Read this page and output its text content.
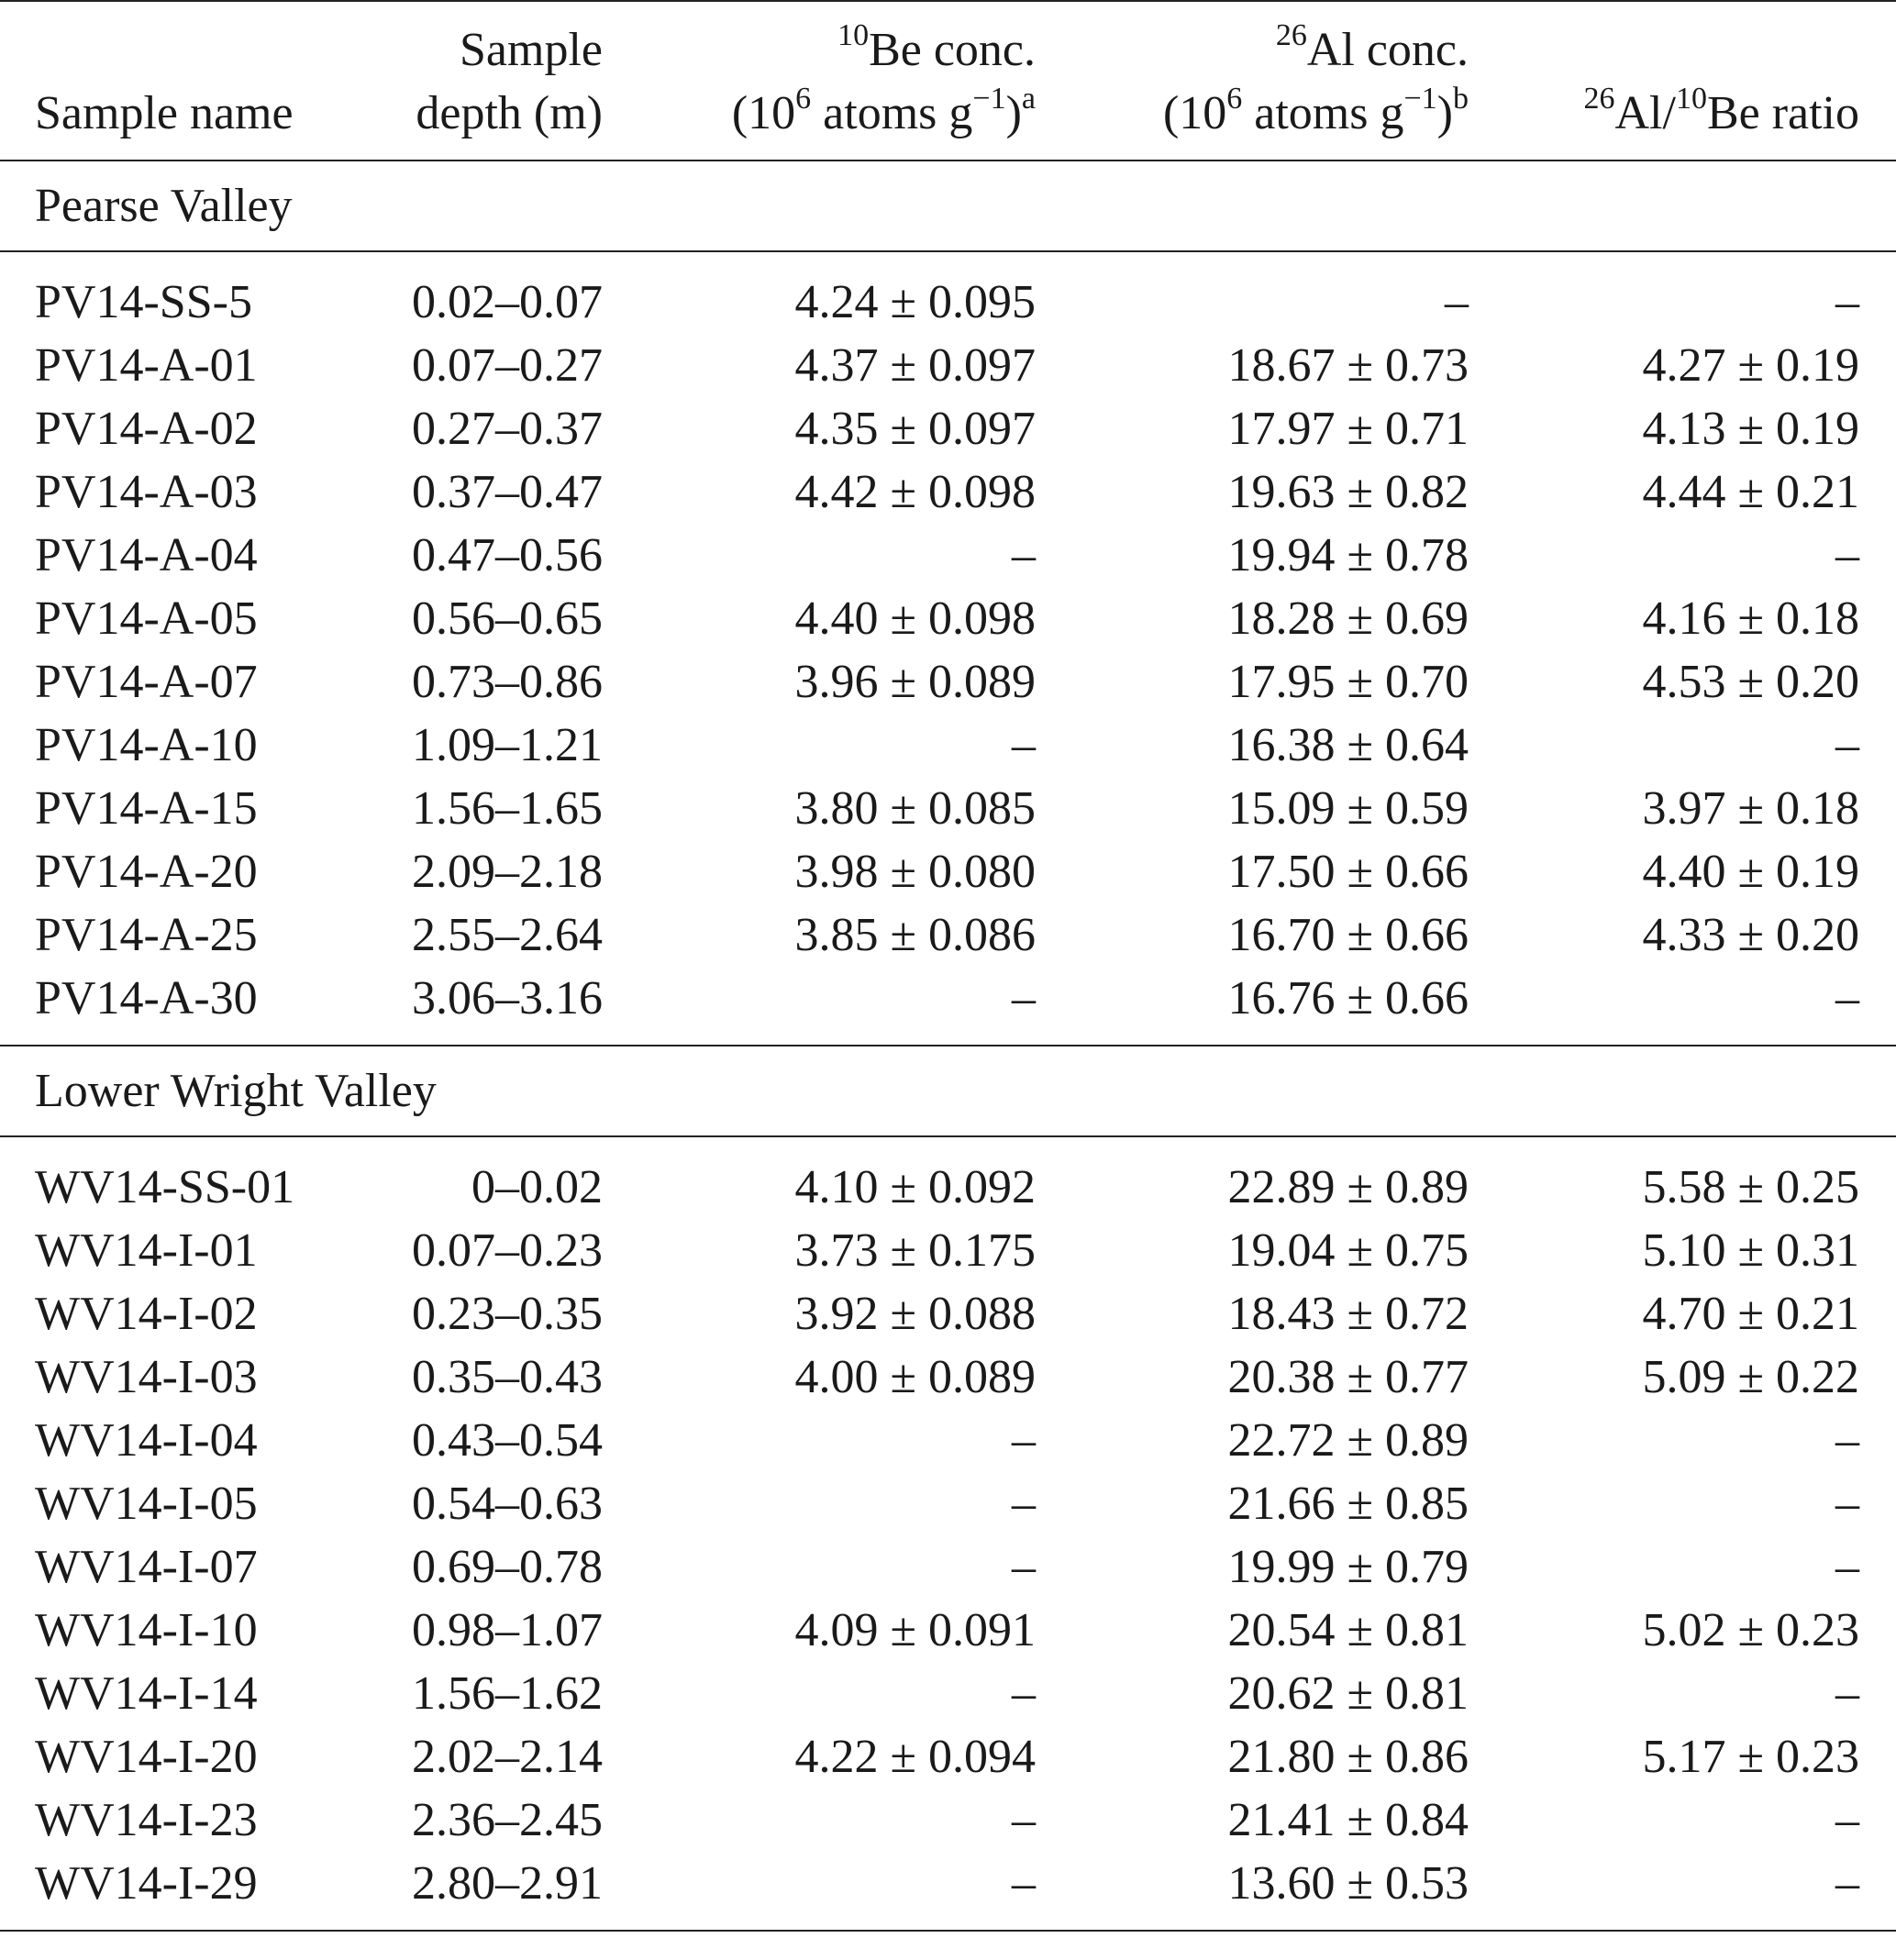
	Sample	$^{10}$Be conc.	$^{26}$Al conc.	
Sample name	depth (m)	($10^6$ atoms $g^{-1})^a$	($10^6$ atoms $g^{-1})^b$	$^{26}$Al/$^{10}$Be ratio
Pearse Valley				
PV14-SS-5	0.02–0.07	4.24 ± 0.095	–	–
PV14-A-01	0.07–0.27	4.37 ± 0.097	18.67 ± 0.73	4.27 ± 0.19
PV14-A-02	0.27–0.37	4.35 ± 0.097	17.97 ± 0.71	4.13 ± 0.19
PV14-A-03	0.37–0.47	4.42 ± 0.098	19.63 ± 0.82	4.44 ± 0.21
PV14-A-04	0.47–0.56	–	19.94 ± 0.78	–
PV14-A-05	0.56–0.65	4.40 ± 0.098	18.28 ± 0.69	4.16 ± 0.18
PV14-A-07	0.73–0.86	3.96 ± 0.089	17.95 ± 0.70	4.53 ± 0.20
PV14-A-10	1.09–1.21	–	16.38 ± 0.64	–
PV14-A-15	1.56–1.65	3.80 ± 0.085	15.09 ± 0.59	3.97 ± 0.18
PV14-A-20	2.09–2.18	3.98 ± 0.080	17.50 ± 0.66	4.40 ± 0.19
PV14-A-25	2.55–2.64	3.85 ± 0.086	16.70 ± 0.66	4.33 ± 0.20
PV14-A-30	3.06–3.16	–	16.76 ± 0.66	–
Lower Wright Valley				
WV14-SS-01	0–0.02	4.10 ± 0.092	22.89 ± 0.89	5.58 ± 0.25
WV14-I-01	0.07–0.23	3.73 ± 0.175	19.04 ± 0.75	5.10 ± 0.31
WV14-I-02	0.23–0.35	3.92 ± 0.088	18.43 ± 0.72	4.70 ± 0.21
WV14-I-03	0.35–0.43	4.00 ± 0.089	20.38 ± 0.77	5.09 ± 0.22
WV14-I-04	0.43–0.54	–	22.72 ± 0.89	–
WV14-I-05	0.54–0.63	–	21.66 ± 0.85	–
WV14-I-07	0.69–0.78	–	19.99 ± 0.79	–
WV14-I-10	0.98–1.07	4.09 ± 0.091	20.54 ± 0.81	5.02 ± 0.23
WV14-I-14	1.56–1.62	–	20.62 ± 0.81	–
WV14-I-20	2.02–2.14	4.22 ± 0.094	21.80 ± 0.86	5.17 ± 0.23
WV14-I-23	2.36–2.45	–	21.41 ± 0.84	–
WV14-I-29	2.80–2.91	–	13.60 ± 0.53	–
